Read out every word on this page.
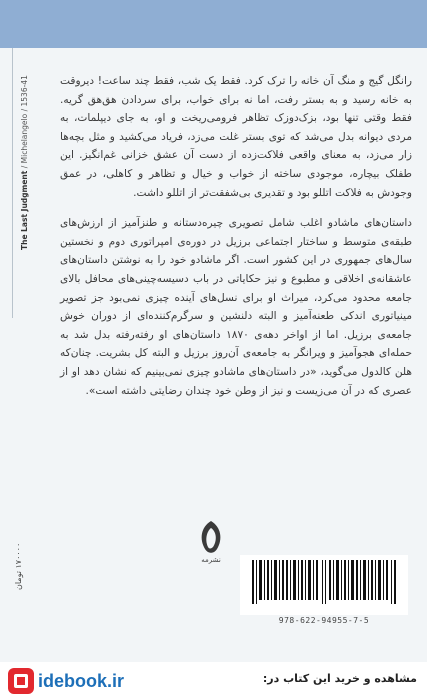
The Last Judgment / Michelangelo / 1536-41	رانگل گیج و منگ آن خانه را ترک کرد. فقط یک شب، فقط چند ساعت! دیروقت به خانه رسید و به بستر رفت، اما نه برای خواب، برای سردادن هق‌هق گریه. فقط وقتی تنها بود، بزک‌دوزک تظاهر فرومی‌ریخت و او، به جای دیپلمات، به مردی دیوانه بدل می‌شد که توی بستر غلت می‌زد، فریاد می‌کشید و مثل بچه‌ها زار می‌زد، به معنای واقعی فلاکت‌زده از دست آن عشق خزانی غم‌انگیز. این طفلک بیچاره، موجودی ساخته از خواب و خیال و تظاهر و کاهلی، در عمق وجودش به فلاکت اتللو بود و تقدیری بی‌شفقت‌تر از اتللو داشت.

داستان‌های ماشادو اغلب شامل تصویری چیره‌دستانه و طنزآمیز از ارزش‌های طبقه‌ی متوسط و ساختار اجتماعی برزیل در دوره‌ی امپراتوری دوم و نخستین سال‌های جمهوری در این کشور است. اگر ماشادو خود را به نوشتن داستان‌های عاشقانه‌ی اخلاقی و مطبوع و نیز حکایاتی در باب دسیسه‌چینی‌های محافل بالای جامعه محدود می‌کرد، میراث او برای نسل‌های آینده چیزی نمی‌بود جز تصویر مینیاتوری اندکی طعنه‌آمیز و البته دلنشین و سرگرم‌کننده‌ای از دوران خوش جامعه‌ی برزیل. اما از اواخر دهه‌ی ۱۸۷۰ داستان‌های او رفته‌رفته بدل شد به حمله‌ای هجوآمیز و ویرانگر به جامعه‌ی آن‌روز برزیل و البته کل بشریت. چنان‌که هلن کالدول می‌گوید، «در داستان‌های ماشادو چیزی نمی‌بینیم که نشان دهد او از عصری که در آن می‌زیست و نیز از وطن خود چندان رضایتی داشته است».

نشرمه
۱۷۰۰۰۰ تومان
978-622-94955-7-5
idebook.ir	مشاهده و خرید این کتاب در:
